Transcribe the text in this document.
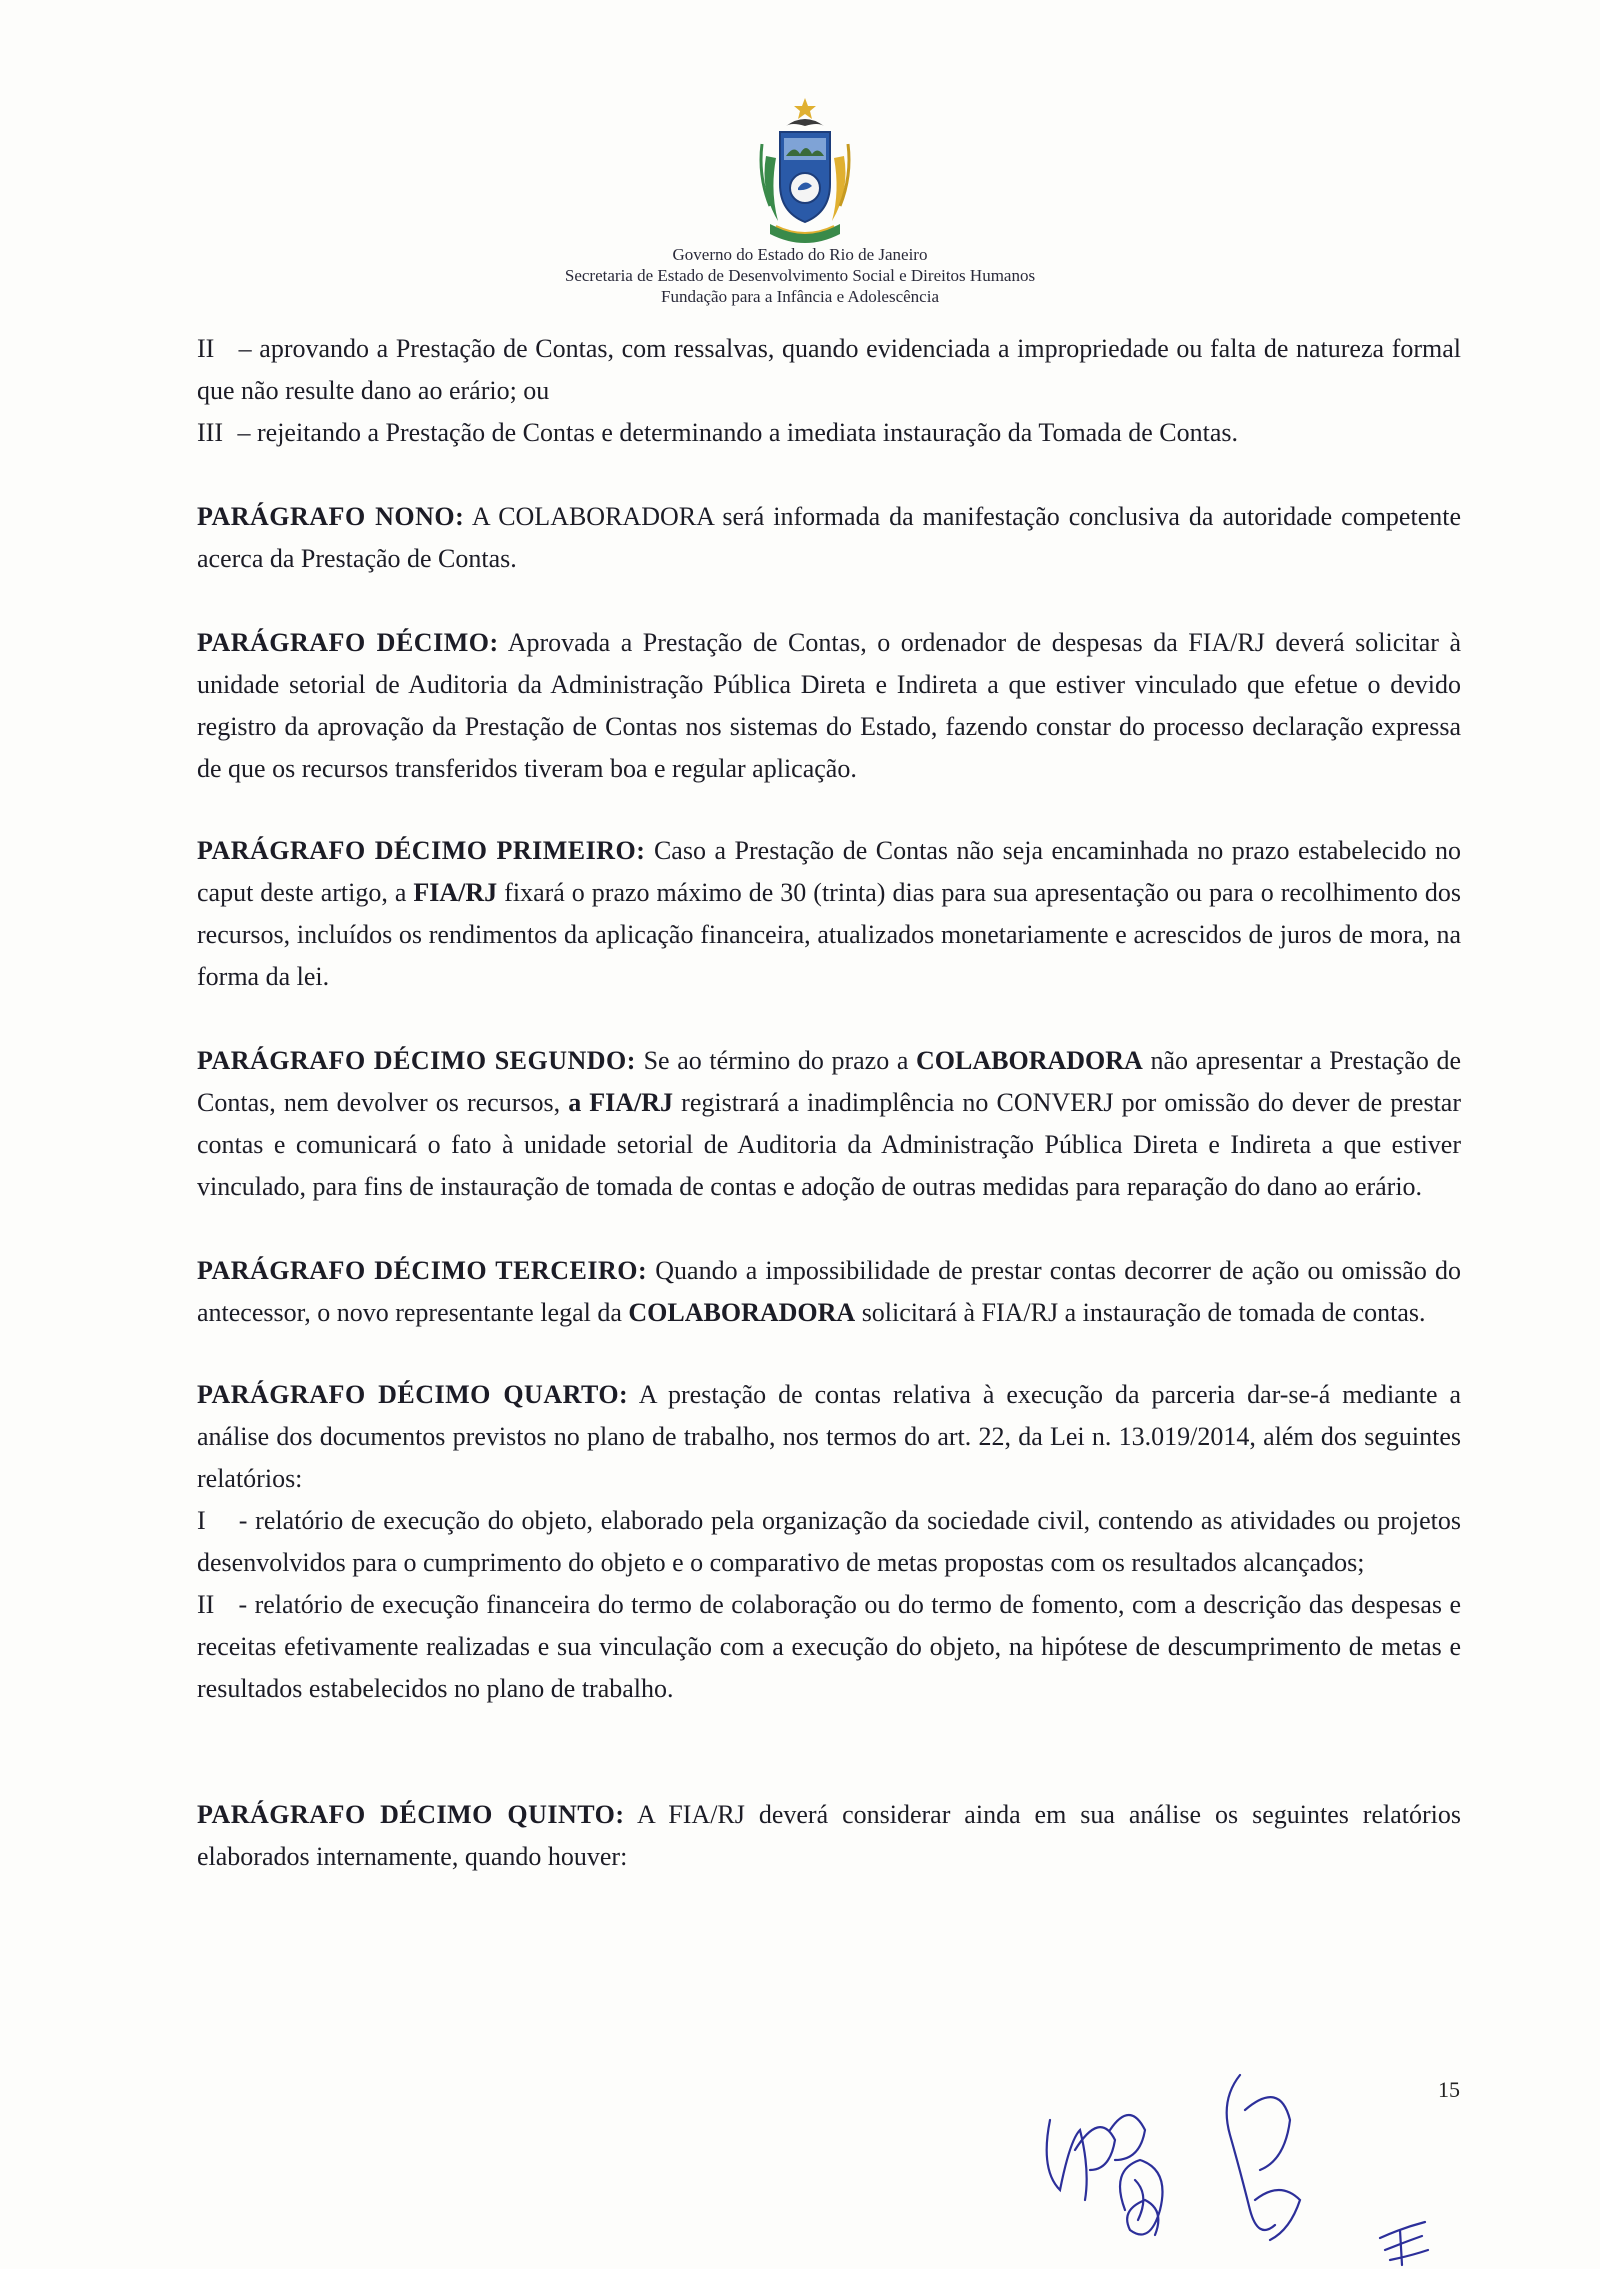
Governo do Estado do Rio de Janeiro
Secretaria de Estado de Desenvolvimento Social e Direitos Humanos
Fundação para a Infância e Adolescência

II – aprovando a Prestação de Contas, com ressalvas, quando evidenciada a impropriedade ou falta de natureza formal que não resulte dano ao erário; ou

III – rejeitando a Prestação de Contas e determinando a imediata instauração da Tomada de Contas.

PARÁGRAFO NONO: A COLABORADORA será informada da manifestação conclusiva da autoridade competente acerca da Prestação de Contas.

PARÁGRAFO DÉCIMO: Aprovada a Prestação de Contas, o ordenador de despesas da FIA/RJ deverá solicitar à unidade setorial de Auditoria da Administração Pública Direta e Indireta a que estiver vinculado que efetue o devido registro da aprovação da Prestação de Contas nos sistemas do Estado, fazendo constar do processo declaração expressa de que os recursos transferidos tiveram boa e regular aplicação.

PARÁGRAFO DÉCIMO PRIMEIRO: Caso a Prestação de Contas não seja encaminhada no prazo estabelecido no caput deste artigo, a FIA/RJ fixará o prazo máximo de 30 (trinta) dias para sua apresentação ou para o recolhimento dos recursos, incluídos os rendimentos da aplicação financeira, atualizados monetariamente e acrescidos de juros de mora, na forma da lei.

PARÁGRAFO DÉCIMO SEGUNDO: Se ao término do prazo a COLABORADORA não apresentar a Prestação de Contas, nem devolver os recursos, a FIA/RJ registrará a inadimplência no CONVERJ por omissão do dever de prestar contas e comunicará o fato à unidade setorial de Auditoria da Administração Pública Direta e Indireta a que estiver vinculado, para fins de instauração de tomada de contas e adoção de outras medidas para reparação do dano ao erário.

PARÁGRAFO DÉCIMO TERCEIRO: Quando a impossibilidade de prestar contas decorrer de ação ou omissão do antecessor, o novo representante legal da COLABORADORA solicitará à FIA/RJ a instauração de tomada de contas.

PARÁGRAFO DÉCIMO QUARTO: A prestação de contas relativa à execução da parceria dar-se-á mediante a análise dos documentos previstos no plano de trabalho, nos termos do art. 22, da Lei n. 13.019/2014, além dos seguintes relatórios:

I - relatório de execução do objeto, elaborado pela organização da sociedade civil, contendo as atividades ou projetos desenvolvidos para o cumprimento do objeto e o comparativo de metas propostas com os resultados alcançados;

II - relatório de execução financeira do termo de colaboração ou do termo de fomento, com a descrição das despesas e receitas efetivamente realizadas e sua vinculação com a execução do objeto, na hipótese de descumprimento de metas e resultados estabelecidos no plano de trabalho.

PARÁGRAFO DÉCIMO QUINTO: A FIA/RJ deverá considerar ainda em sua análise os seguintes relatórios elaborados internamente, quando houver:

15
